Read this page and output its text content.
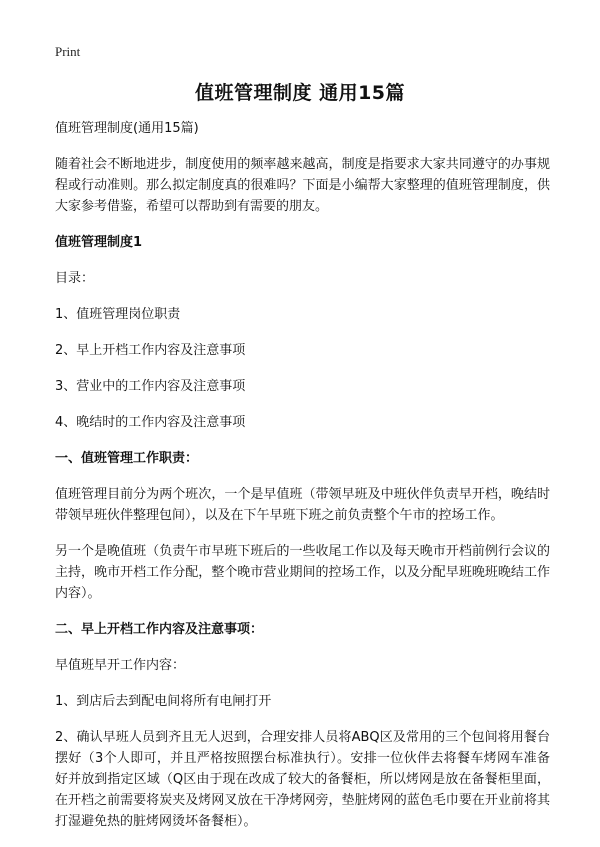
Print
值班管理制度 通用15篇

值班管理制度(通用15篇)

随着社会不断地进步，制度使用的频率越来越高，制度是指要求大家共同遵守的办事规程或行动准则。那么拟定制度真的很难吗？下面是小编帮大家整理的值班管理制度，供大家参考借鉴，希望可以帮助到有需要的朋友。

值班管理制度1

目录：

1、值班管理岗位职责

2、早上开档工作内容及注意事项

3、营业中的工作内容及注意事项

4、晚结时的工作内容及注意事项

一、值班管理工作职责：

值班管理目前分为两个班次，一个是早值班（带领早班及中班伙伴负责早开档，晚结时带领早班伙伴整理包间），以及在下午早班下班之前负责整个午市的控场工作。

另一个是晚值班（负责午市早班下班后的一些收尾工作以及每天晚市开档前例行会议的主持，晚市开档工作分配，整个晚市营业期间的控场工作，以及分配早班晚班晚结工作内容）。

二、早上开档工作内容及注意事项：

早值班早开工作内容：

1、到店后去到配电间将所有电闸打开

2、确认早班人员到齐且无人迟到，合理安排人员将ABQ区及常用的三个包间将用餐台摆好（3个人即可，并且严格按照摆台标准执行）。安排一位伙伴去将餐车烤网车准备好并放到指定区域（Q区由于现在改成了较大的备餐柜，所以烤网是放在备餐柜里面，在开档之前需要将炭夹及烤网叉放在干净烤网旁，垫脏烤网的蓝色毛巾要在开业前将其打湿避免热的脏烤网烫坏备餐柜）。
